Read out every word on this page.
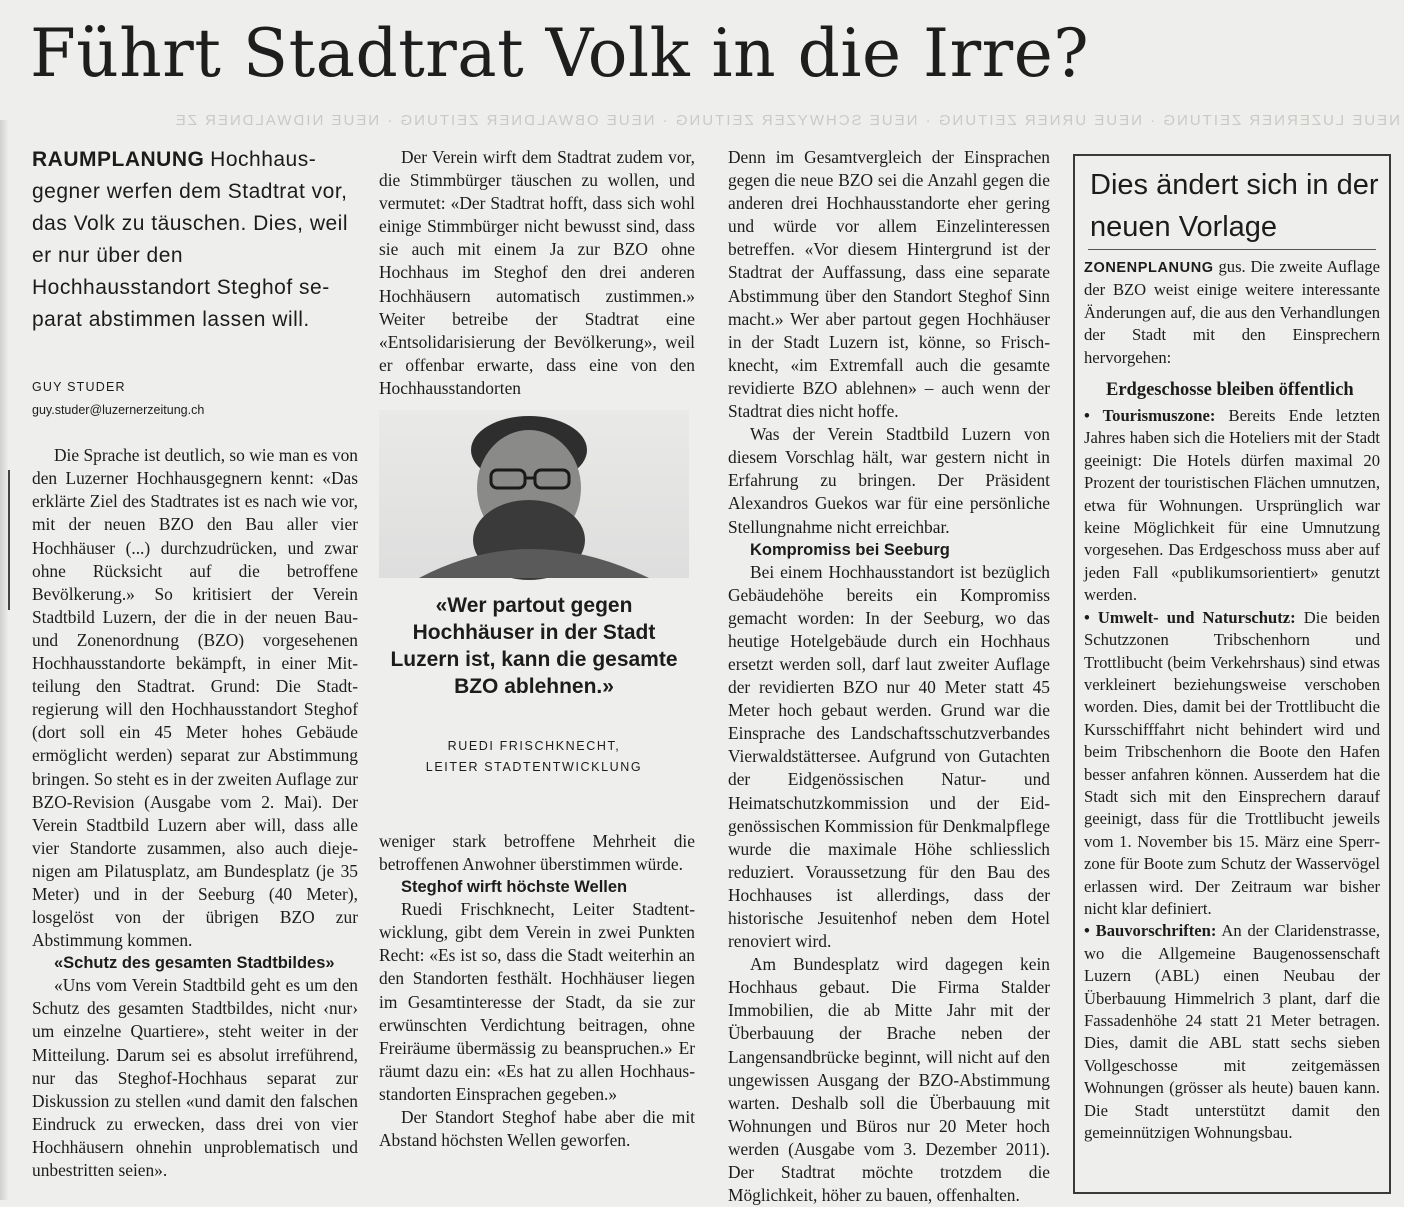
Führt Stadtrat Volk in die Irre?
NEUE LUZERNER ZEITUNG · NEUE URNER ZEITUNG · NEUE SCHWYZER ZEITUNG · NEUE OBWALDNER ZEITUNG · NEUE NIDWALDNER ZE

RAUMPLANUNG Hochhausgegner werfen dem Stadtrat vor, das Volk zu täuschen. Dies, weil er nur über den Hochhausstandort Steghof separat abstimmen lassen will.

GUY STUDER

guy.studer@luzernerzeitung.ch

Die Sprache ist deutlich, so wie man es von den Luzerner Hochhausgegnern kennt: «Das erklärte Ziel des Stadtrates ist es nach wie vor, mit der neuen BZO den Bau aller vier Hochhäuser (...) durchzudrücken, und zwar ohne Rücksicht auf die betroffene Bevölkerung.» So kritisiert der Verein Stadtbild Luzern, der die in der neuen Bau- und Zonenordnung (BZO) vorgesehenen Hochhausstandorte bekämpft, in einer Mitteilung den Stadtrat. Grund: Die Stadtregierung will den Hochhausstandort Steghof (dort soll ein 45 Meter hohes Gebäude ermöglicht werden) separat zur Abstimmung bringen. So steht es in der zweiten Auflage zur BZO-Revision (Ausgabe vom 2. Mai). Der Verein Stadtbild Luzern aber will, dass alle vier Standorte zusammen, also auch diejenigen am Pilatusplatz, am Bundesplatz (je 35 Meter) und in der Seeburg (40 Meter), losgelöst von der übrigen BZO zur Abstimmung kommen.

«Schutz des gesamten Stadtbildes»

«Uns vom Verein Stadtbild geht es um den Schutz des gesamten Stadtbildes, nicht ‹nur› um einzelne Quartiere», steht weiter in der Mitteilung. Darum sei es absolut irreführend, nur das Steghof-Hochhaus separat zur Diskussion zu stellen «und damit den falschen Eindruck zu erwecken, dass drei von vier Hochhäusern ohnehin unproblematisch und unbestritten seien».

Der Verein wirft dem Stadtrat zudem vor, die Stimmbürger täuschen zu wollen, und vermutet: «Der Stadtrat hofft, dass sich wohl einige Stimmbürger nicht bewusst sind, dass sie auch mit einem Ja zur BZO ohne Hochhaus im Steghof den drei anderen Hochhäusern automatisch zustimmen.» Weiter betreibe der Stadtrat eine «Entsolidarisierung der Bevölkerung», weil er offenbar erwarte, dass eine von den Hochhausstandorten

«Wer partout gegen Hochhäuser in der Stadt Luzern ist, kann die gesamte BZO ablehnen.»

RUEDI FRISCHKNECHT,
LEITER STADTENTWICKLUNG

weniger stark betroffene Mehrheit die betroffenen Anwohner überstimmen würde.

Steghof wirft höchste Wellen

Ruedi Frischknecht, Leiter Stadtentwicklung, gibt dem Verein in zwei Punkten Recht: «Es ist so, dass die Stadt weiterhin an den Standorten festhält. Hochhäuser liegen im Gesamtinteresse der Stadt, da sie zur erwünschten Verdichtung beitragen, ohne Freiräume übermässig zu beanspruchen.» Er räumt dazu ein: «Es hat zu allen Hochhausstandorten Einsprachen gegeben.»

Der Standort Steghof habe aber die mit Abstand höchsten Wellen geworfen.

Denn im Gesamtvergleich der Einsprachen gegen die neue BZO sei die Anzahl gegen die anderen drei Hochhausstandorte eher gering und würde vor allem Einzelinteressen betreffen. «Vor diesem Hintergrund ist der Stadtrat der Auffassung, dass eine separate Abstimmung über den Standort Steghof Sinn macht.» Wer aber partout gegen Hochhäuser in der Stadt Luzern ist, könne, so Frischknecht, «im Extremfall auch die gesamte revidierte BZO ablehnen» – auch wenn der Stadtrat dies nicht hoffe.

Was der Verein Stadtbild Luzern von diesem Vorschlag hält, war gestern nicht in Erfahrung zu bringen. Der Präsident Alexandros Guekos war für eine persönliche Stellungnahme nicht erreichbar.

Kompromiss bei Seeburg

Bei einem Hochhausstandort ist bezüglich Gebäudehöhe bereits ein Kompromiss gemacht worden: In der Seeburg, wo das heutige Hotelgebäude durch ein Hochhaus ersetzt werden soll, darf laut zweiter Auflage der revidierten BZO nur 40 Meter statt 45 Meter hoch gebaut werden. Grund war die Einsprache des Landschaftsschutzverbandes Vierwaldstättersee. Aufgrund von Gutachten der Eidgenössischen Natur- und Heimatschutzkommission und der Eidgenössischen Kommission für Denkmalpflege wurde die maximale Höhe schliesslich reduziert. Voraussetzung für den Bau des Hochhauses ist allerdings, dass der historische Jesuitenhof neben dem Hotel renoviert wird.

Am Bundesplatz wird dagegen kein Hochhaus gebaut. Die Firma Stalder Immobilien, die ab Mitte Jahr mit der Überbauung der Brache neben der Langensandbrücke beginnt, will nicht auf den ungewissen Ausgang der BZO-Abstimmung warten. Deshalb soll die Überbauung mit Wohnungen und Büros nur 20 Meter hoch werden (Ausgabe vom 3. Dezember 2011). Der Stadtrat möchte trotzdem die Möglichkeit, höher zu bauen, offenhalten.

Dies ändert sich in der neuen Vorlage

ZONENPLANUNG gus. Die zweite Auflage der BZO weist einige weitere interessante Änderungen auf, die aus den Verhandlungen der Stadt mit den Einsprechern hervorgehen:

Erdgeschosse bleiben öffentlich

• Tourismuszone: Bereits Ende letzten Jahres haben sich die Hoteliers mit der Stadt geeinigt: Die Hotels dürfen maximal 20 Prozent der touristischen Flächen umnutzen, etwa für Wohnungen. Ursprünglich war keine Möglichkeit für eine Umnutzung vorgesehen. Das Erdgeschoss muss aber auf jeden Fall «publikumsorientiert» genutzt werden.

• Umwelt- und Naturschutz: Die beiden Schutzzonen Tribschenhorn und Trottlibucht (beim Verkehrshaus) sind etwas verkleinert beziehungsweise verschoben worden. Dies, damit bei der Trottlibucht die Kursschifffahrt nicht behindert wird und beim Tribschenhorn die Boote den Hafen besser anfahren können. Ausserdem hat die Stadt sich mit den Einsprechern darauf geeinigt, dass für die Trottlibucht jeweils vom 1. November bis 15. März eine Sperrzone für Boote zum Schutz der Wasservögel erlassen wird. Der Zeitraum war bisher nicht klar definiert.

• Bauvorschriften: An der Claridenstrasse, wo die Allgemeine Baugenossenschaft Luzern (ABL) einen Neubau der Überbauung Himmelrich 3 plant, darf die Fassadenhöhe 24 statt 21 Meter betragen. Dies, damit die ABL statt sechs sieben Vollgeschosse mit zeitgemässen Wohnungen (grösser als heute) bauen kann. Die Stadt unterstützt damit den gemeinnützigen Wohnungsbau.
